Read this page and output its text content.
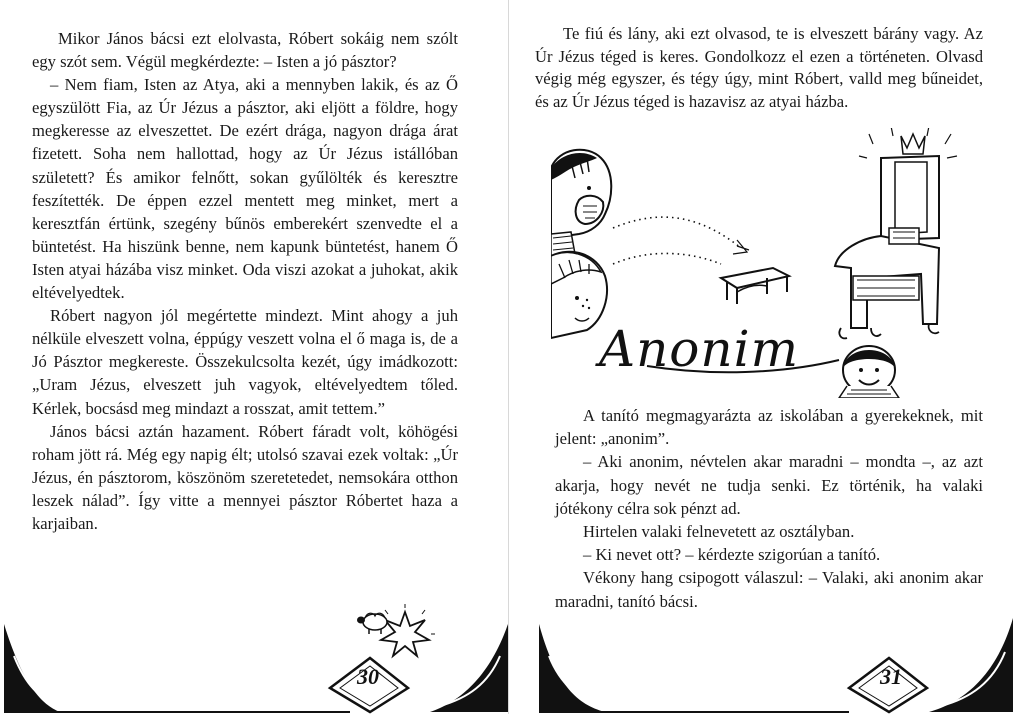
Mikor János bácsi ezt elolvasta, Róbert sokáig nem szólt egy szót sem. Végül megkérdezte: – Isten a jó pásztor?

– Nem fiam, Isten az Atya, aki a mennyben lakik, és az Ő egyszülött Fia, az Úr Jézus a pásztor, aki eljött a földre, hogy megkeresse az elveszettet. De ezért drága, nagyon drága árat fizetett. Soha nem hallottad, hogy az Úr Jézus istállóban született? És amikor felnőtt, sokan gyűlölték és keresztre feszítették. De éppen ezzel mentett meg minket, mert a keresztfán értünk, szegény bűnös emberekért szenvedte el a büntetést. Ha hiszünk benne, nem kapunk büntetést, hanem Ő Isten atyai házába visz minket. Oda viszi azokat a juhokat, akik eltévelyedtek.

Róbert nagyon jól megértette mindezt. Mint ahogy a juh nélküle elveszett volna, éppúgy veszett volna el ő maga is, de a Jó Pásztor megkereste. Összekulcsolta kezét, úgy imádkozott: „Uram Jézus, elveszett juh vagyok, eltévelyedtem tőled. Kérlek, bocsásd meg mindazt a rosszat, amit tettem.”

János bácsi aztán hazament. Róbert fáradt volt, köhögési roham jött rá. Még egy napig élt; utolsó szavai ezek voltak: „Úr Jézus, én pásztorom, köszönöm szeretetedet, nemsokára otthon leszek nálad”. Így vitte a mennyei pásztor Róbertet haza a karjaiban.

30

Te fiú és lány, aki ezt olvasod, te is elveszett bárány vagy. Az Úr Jézus téged is keres. Gondolkozz el ezen a történeten. Olvasd végig még egyszer, és tégy úgy, mint Róbert, valld meg bűneidet, és az Úr Jézus téged is hazavisz az atyai házba.

Anonim

A tanító megmagyarázta az iskolában a gyerekeknek, mit jelent: „anonim”.

– Aki anonim, névtelen akar maradni – mondta –, az azt akarja, hogy nevét ne tudja senki. Ez történik, ha valaki jótékony célra sok pénzt ad.

Hirtelen valaki felnevetett az osztályban.

– Ki nevet ott? – kérdezte szigorúan a tanító.

Vékony hang csipogott válaszul: – Valaki, aki anonim akar maradni, tanító bácsi.

31
